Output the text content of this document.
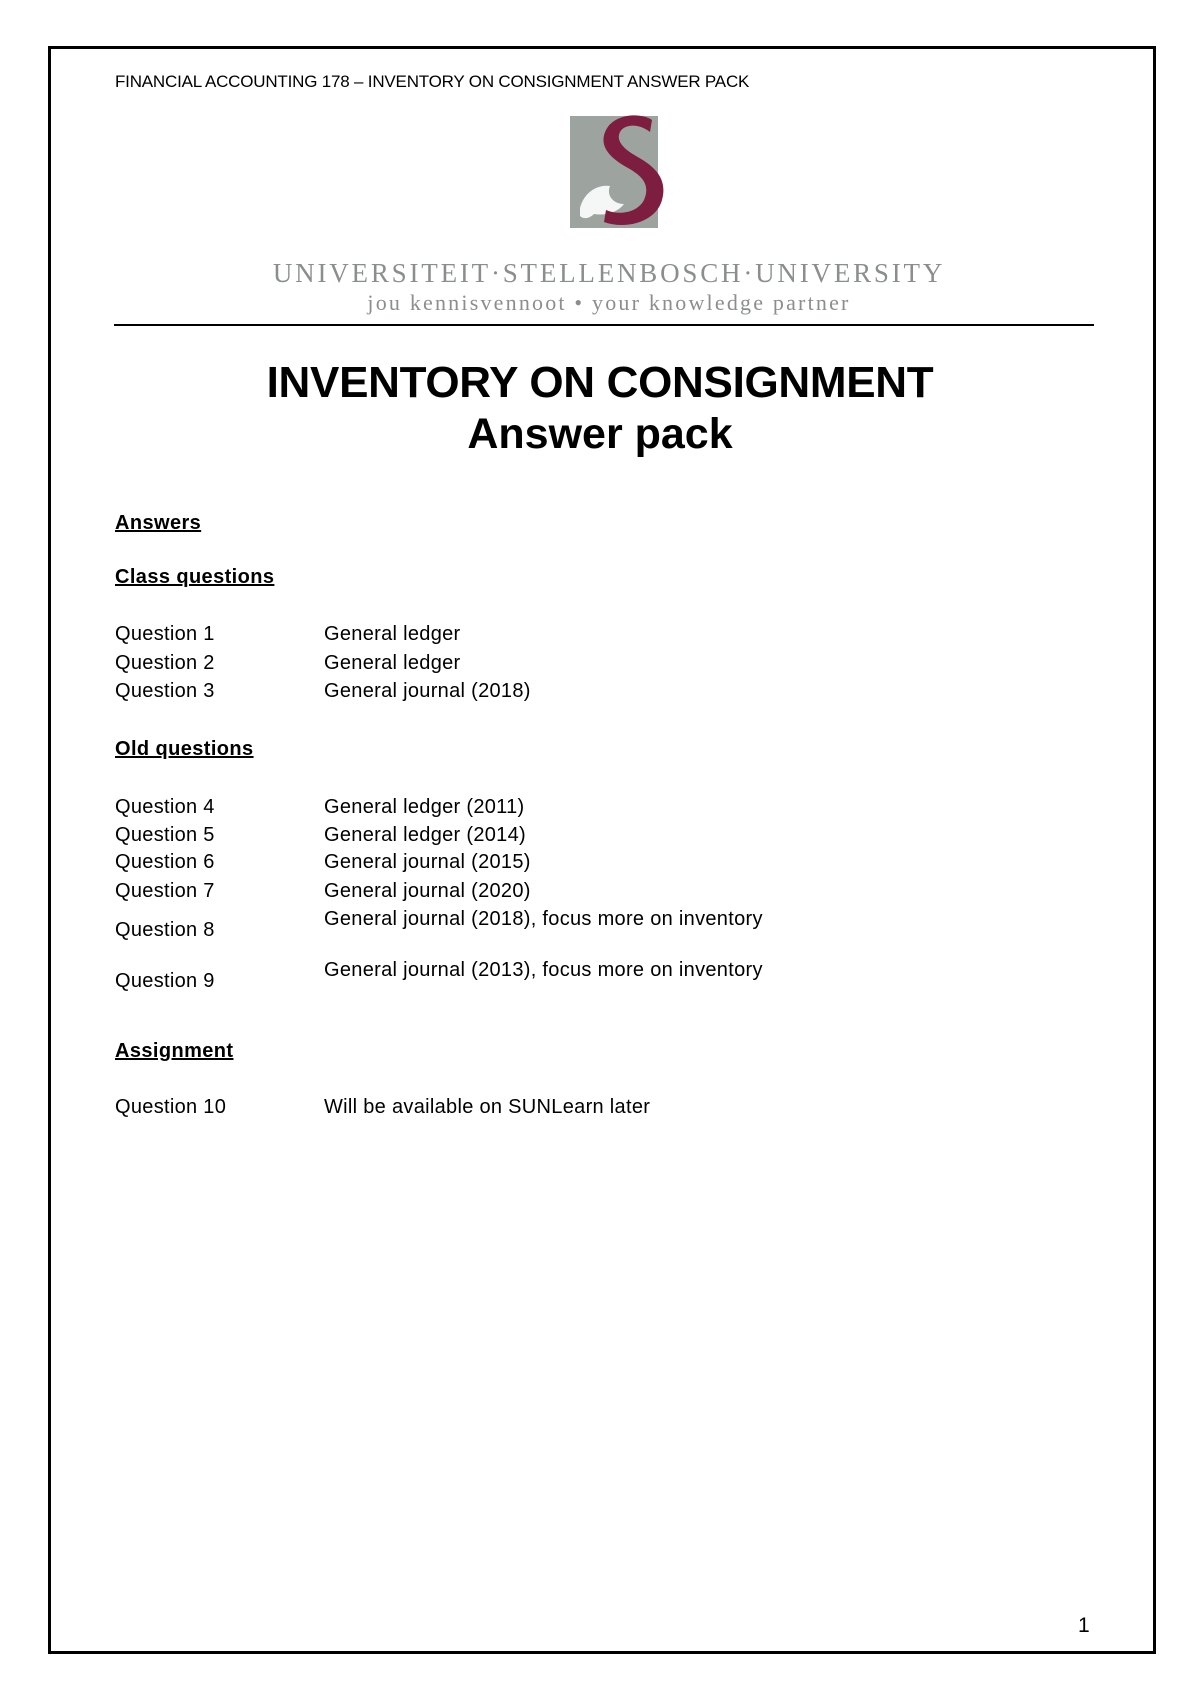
FINANCIAL ACCOUNTING 178 – INVENTORY ON CONSIGNMENT ANSWER PACK
UNIVERSITEIT·STELLENBOSCH·UNIVERSITY
jou kennisvennoot • your knowledge partner
INVENTORY ON CONSIGNMENT
Answer pack
Answers
Class questions
Question 1	General ledger
Question 2	General ledger
Question 3	General journal (2018)
Old questions
Question 4	General ledger (2011)
Question 5	General ledger (2014)
Question 6	General journal (2015)
Question 7	General journal (2020)
Question 8	General journal (2018), focus more on inventory
Question 9	General journal (2013), focus more on inventory
Assignment
Question 10	Will be available on SUNLearn later
1
